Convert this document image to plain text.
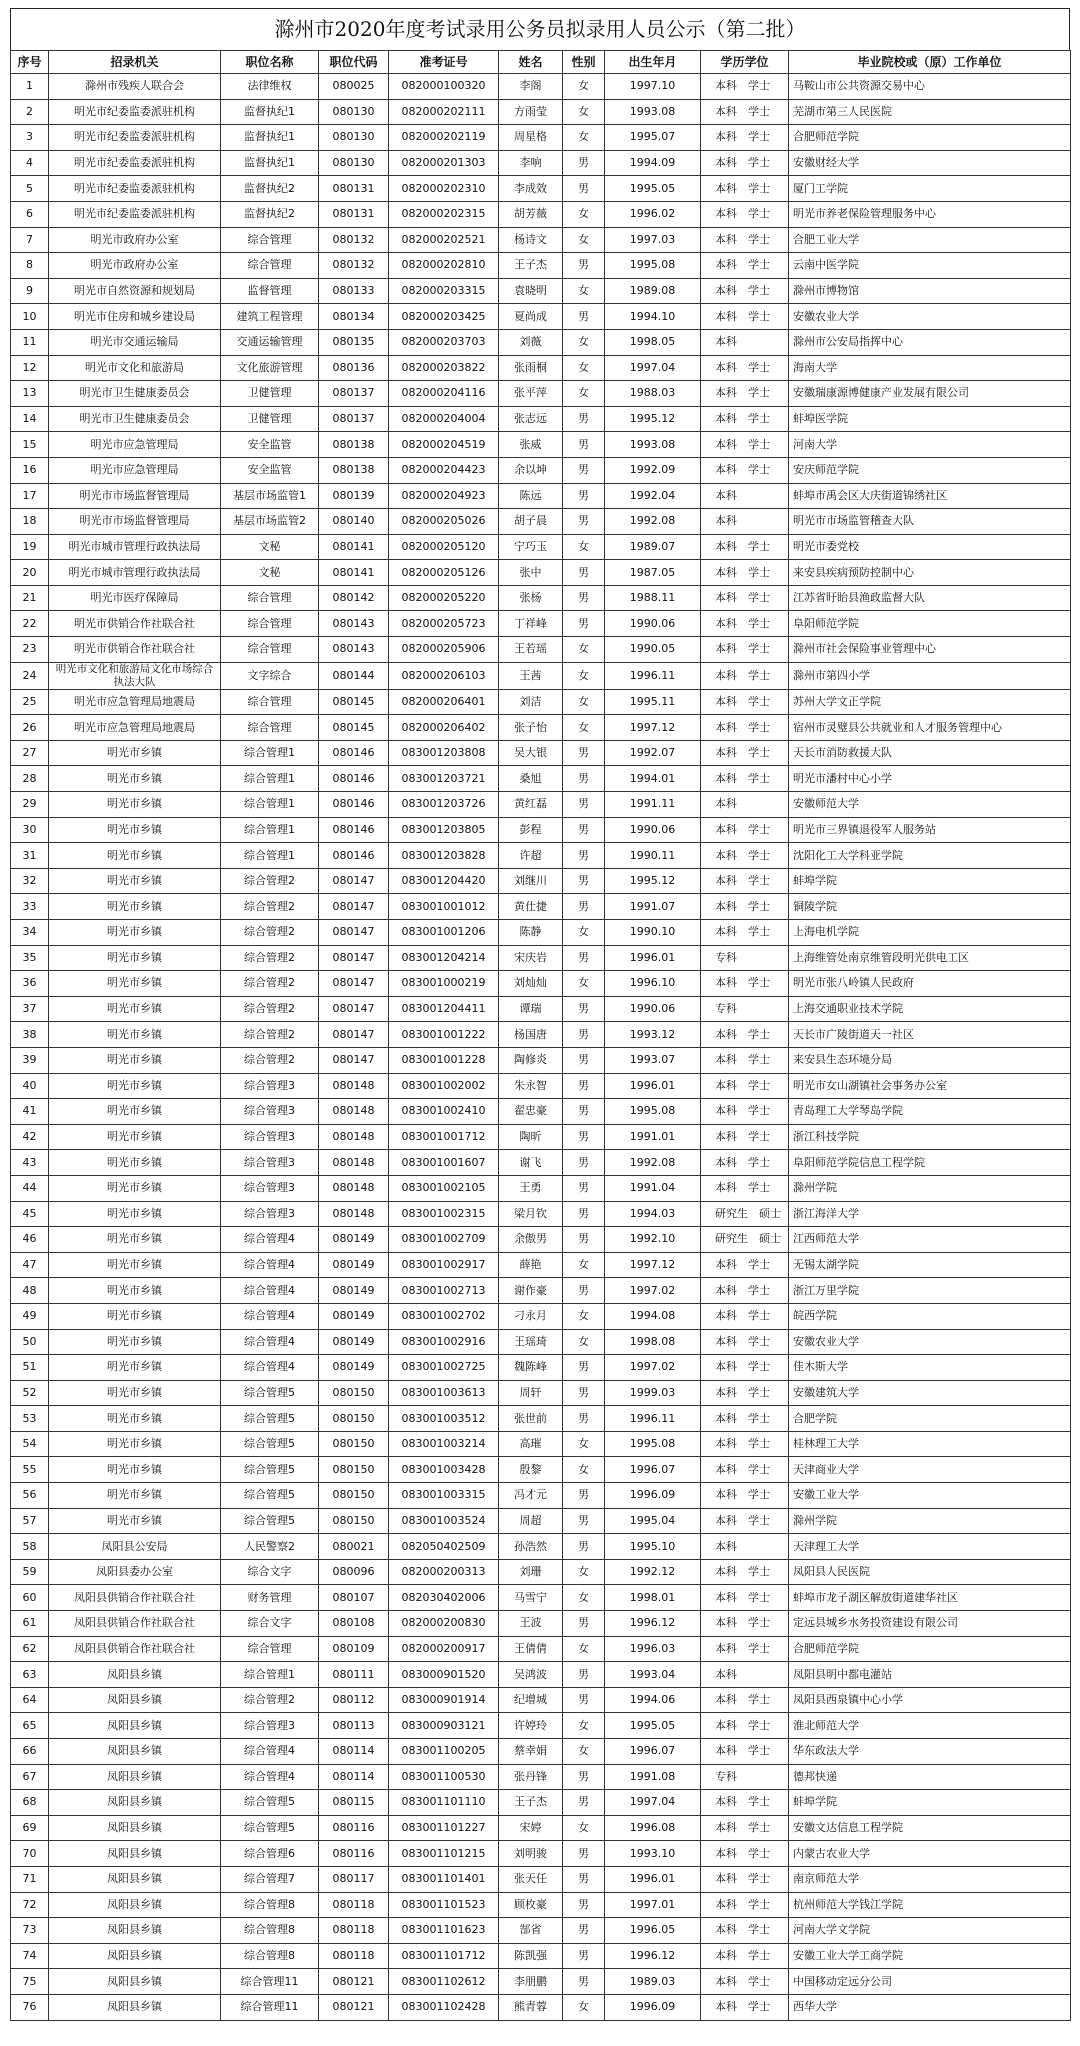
滁州市2020年度考试录用公务员拟录用人员公示（第二批）
序号	招录机关	职位名称	职位代码	准考证号	姓名	性别	出生年月	学历学位	毕业院校或（原）工作单位
1	滁州市残疾人联合会	法律维权	080025	082000100320	李阁	女	1997.10	本科　学士	马鞍山市公共资源交易中心
2	明光市纪委监委派驻机构	监督执纪1	080130	082000202111	方雨莹	女	1993.08	本科　学士	芜湖市第三人民医院
3	明光市纪委监委派驻机构	监督执纪1	080130	082000202119	周星格	女	1995.07	本科　学士	合肥师范学院
4	明光市纪委监委派驻机构	监督执纪1	080130	082000201303	李响	男	1994.09	本科　学士	安徽财经大学
5	明光市纪委监委派驻机构	监督执纪2	080131	082000202310	李成效	男	1995.05	本科　学士	厦门工学院
6	明光市纪委监委派驻机构	监督执纪2	080131	082000202315	胡芳薇	女	1996.02	本科　学士	明光市养老保险管理服务中心
7	明光市政府办公室	综合管理	080132	082000202521	杨诗文	女	1997.03	本科　学士	合肥工业大学
8	明光市政府办公室	综合管理	080132	082000202810	王子杰	男	1995.08	本科　学士	云南中医学院
9	明光市自然资源和规划局	监督管理	080133	082000203315	袁晓明	女	1989.08	本科　学士	滁州市博物馆
10	明光市住房和城乡建设局	建筑工程管理	080134	082000203425	夏尚成	男	1994.10	本科　学士	安徽农业大学
11	明光市交通运输局	交通运输管理	080135	082000203703	刘薇	女	1998.05	本科	滁州市公安局指挥中心
12	明光市文化和旅游局	文化旅游管理	080136	082000203822	张雨桐	女	1997.04	本科　学士	海南大学
13	明光市卫生健康委员会	卫健管理	080137	082000204116	张平萍	女	1988.03	本科　学士	安徽瑞康源博健康产业发展有限公司
14	明光市卫生健康委员会	卫健管理	080137	082000204004	张志远	男	1995.12	本科　学士	蚌埠医学院
15	明光市应急管理局	安全监管	080138	082000204519	张威	男	1993.08	本科　学士	河南大学
16	明光市应急管理局	安全监管	080138	082000204423	余以坤	男	1992.09	本科　学士	安庆师范学院
17	明光市市场监督管理局	基层市场监管1	080139	082000204923	陈远	男	1992.04	本科	蚌埠市禹会区大庆街道锦绣社区
18	明光市市场监督管理局	基层市场监管2	080140	082000205026	胡子晨	男	1992.08	本科	明光市市场监管稽查大队
19	明光市城市管理行政执法局	文秘	080141	082000205120	宁巧玉	女	1989.07	本科　学士	明光市委党校
20	明光市城市管理行政执法局	文秘	080141	082000205126	张中	男	1987.05	本科　学士	来安县疾病预防控制中心
21	明光市医疗保障局	综合管理	080142	082000205220	张杨	男	1988.11	本科　学士	江苏省盱眙县渔政监督大队
22	明光市供销合作社联合社	综合管理	080143	082000205723	丁祥峰	男	1990.06	本科　学士	阜阳师范学院
23	明光市供销合作社联合社	综合管理	080143	082000205906	王若瑶	女	1990.05	本科　学士	滁州市社会保险事业管理中心
24	明光市文化和旅游局文化市场综合执法大队	文字综合	080144	082000206103	王茜	女	1996.11	本科　学士	滁州市第四小学
25	明光市应急管理局地震局	综合管理	080145	082000206401	刘洁	女	1995.11	本科　学士	苏州大学文正学院
26	明光市应急管理局地震局	综合管理	080145	082000206402	张子怡	女	1997.12	本科　学士	宿州市灵璧县公共就业和人才服务管理中心
27	明光市乡镇	综合管理1	080146	083001203808	吴大银	男	1992.07	本科　学士	天长市消防救援大队
28	明光市乡镇	综合管理1	080146	083001203721	桑旭	男	1994.01	本科　学士	明光市潘村中心小学
29	明光市乡镇	综合管理1	080146	083001203726	黄红磊	男	1991.11	本科	安徽师范大学
30	明光市乡镇	综合管理1	080146	083001203805	彭程	男	1990.06	本科　学士	明光市三界镇退役军人服务站
31	明光市乡镇	综合管理1	080146	083001203828	许超	男	1990.11	本科　学士	沈阳化工大学科亚学院
32	明光市乡镇	综合管理2	080147	083001204420	刘继川	男	1995.12	本科　学士	蚌埠学院
33	明光市乡镇	综合管理2	080147	083001001012	黄仕捷	男	1991.07	本科　学士	铜陵学院
34	明光市乡镇	综合管理2	080147	083001001206	陈静	女	1990.10	本科　学士	上海电机学院
35	明光市乡镇	综合管理2	080147	083001204214	宋庆岩	男	1996.01	专科	上海维管处南京维管段明光供电工区
36	明光市乡镇	综合管理2	080147	083001000219	刘灿灿	女	1996.10	本科　学士	明光市张八岭镇人民政府
37	明光市乡镇	综合管理2	080147	083001204411	谭瑞	男	1990.06	专科	上海交通职业技术学院
38	明光市乡镇	综合管理2	080147	083001001222	杨国唐	男	1993.12	本科　学士	天长市广陵街道天一社区
39	明光市乡镇	综合管理2	080147	083001001228	陶修炎	男	1993.07	本科　学士	来安县生态环境分局
40	明光市乡镇	综合管理3	080148	083001002002	朱永智	男	1996.01	本科　学士	明光市女山湖镇社会事务办公室
41	明光市乡镇	综合管理3	080148	083001002410	翟忠豪	男	1995.08	本科　学士	青岛理工大学琴岛学院
42	明光市乡镇	综合管理3	080148	083001001712	陶昕	男	1991.01	本科　学士	浙江科技学院
43	明光市乡镇	综合管理3	080148	083001001607	谢飞	男	1992.08	本科　学士	阜阳师范学院信息工程学院
44	明光市乡镇	综合管理3	080148	083001002105	王勇	男	1991.04	本科　学士	滁州学院
45	明光市乡镇	综合管理3	080148	083001002315	梁月钦	男	1994.03	研究生　硕士	浙江海洋大学
46	明光市乡镇	综合管理4	080149	083001002709	余傲男	男	1992.10	研究生　硕士	江西师范大学
47	明光市乡镇	综合管理4	080149	083001002917	薛艳	女	1997.12	本科　学士	无锡太湖学院
48	明光市乡镇	综合管理4	080149	083001002713	谢作豪	男	1997.02	本科　学士	浙江万里学院
49	明光市乡镇	综合管理4	080149	083001002702	刁永月	女	1994.08	本科　学士	皖西学院
50	明光市乡镇	综合管理4	080149	083001002916	王瑶琦	女	1998.08	本科　学士	安徽农业大学
51	明光市乡镇	综合管理4	080149	083001002725	魏陈峰	男	1997.02	本科　学士	佳木斯大学
52	明光市乡镇	综合管理5	080150	083001003613	周轩	男	1999.03	本科　学士	安徽建筑大学
53	明光市乡镇	综合管理5	080150	083001003512	张世前	男	1996.11	本科　学士	合肥学院
54	明光市乡镇	综合管理5	080150	083001003214	高璀	女	1995.08	本科　学士	桂林理工大学
55	明光市乡镇	综合管理5	080150	083001003428	殷黎	女	1996.07	本科　学士	天津商业大学
56	明光市乡镇	综合管理5	080150	083001003315	冯才元	男	1996.09	本科　学士	安徽工业大学
57	明光市乡镇	综合管理5	080150	083001003524	周超	男	1995.04	本科　学士	滁州学院
58	凤阳县公安局	人民警察2	080021	082050402509	孙浩然	男	1995.10	本科	天津理工大学
59	凤阳县委办公室	综合文字	080096	082000200313	刘珊	女	1992.12	本科　学士	凤阳县人民医院
60	凤阳县供销合作社联合社	财务管理	080107	082030402006	马雪宁	女	1998.01	本科　学士	蚌埠市龙子湖区解放街道建华社区
61	凤阳县供销合作社联合社	综合文字	080108	082000200830	王波	男	1996.12	本科　学士	定远县城乡水务投资建设有限公司
62	凤阳县供销合作社联合社	综合管理	080109	082000200917	王倩倩	女	1996.03	本科　学士	合肥师范学院
63	凤阳县乡镇	综合管理1	080111	083000901520	吴鸿波	男	1993.04	本科	凤阳县明中都电灌站
64	凤阳县乡镇	综合管理2	080112	083000901914	纪增城	男	1994.06	本科　学士	凤阳县西泉镇中心小学
65	凤阳县乡镇	综合管理3	080113	083000903121	许婷玲	女	1995.05	本科　学士	淮北师范大学
66	凤阳县乡镇	综合管理4	080114	083001100205	蔡幸娟	女	1996.07	本科　学士	华东政法大学
67	凤阳县乡镇	综合管理4	080114	083001100530	张丹锋	男	1991.08	专科	德邦快递
68	凤阳县乡镇	综合管理5	080115	083001101110	王子杰	男	1997.04	本科　学士	蚌埠学院
69	凤阳县乡镇	综合管理5	080116	083001101227	宋婷	女	1996.08	本科　学士	安徽文达信息工程学院
70	凤阳县乡镇	综合管理6	080116	083001101215	刘明骏	男	1993.10	本科　学士	内蒙古农业大学
71	凤阳县乡镇	综合管理7	080117	083001101401	张天任	男	1996.01	本科　学士	南京师范大学
72	凤阳县乡镇	综合管理8	080118	083001101523	顾枚豪	男	1997.01	本科　学士	杭州师范大学钱江学院
73	凤阳县乡镇	综合管理8	080118	083001101623	郜省	男	1996.05	本科　学士	河南大学文学院
74	凤阳县乡镇	综合管理8	080118	083001101712	陈凯强	男	1996.12	本科　学士	安徽工业大学工商学院
75	凤阳县乡镇	综合管理11	080121	083001102612	李朋鹏	男	1989.03	本科　学士	中国移动定远分公司
76	凤阳县乡镇	综合管理11	080121	083001102428	熊青蓉	女	1996.09	本科　学士	西华大学
